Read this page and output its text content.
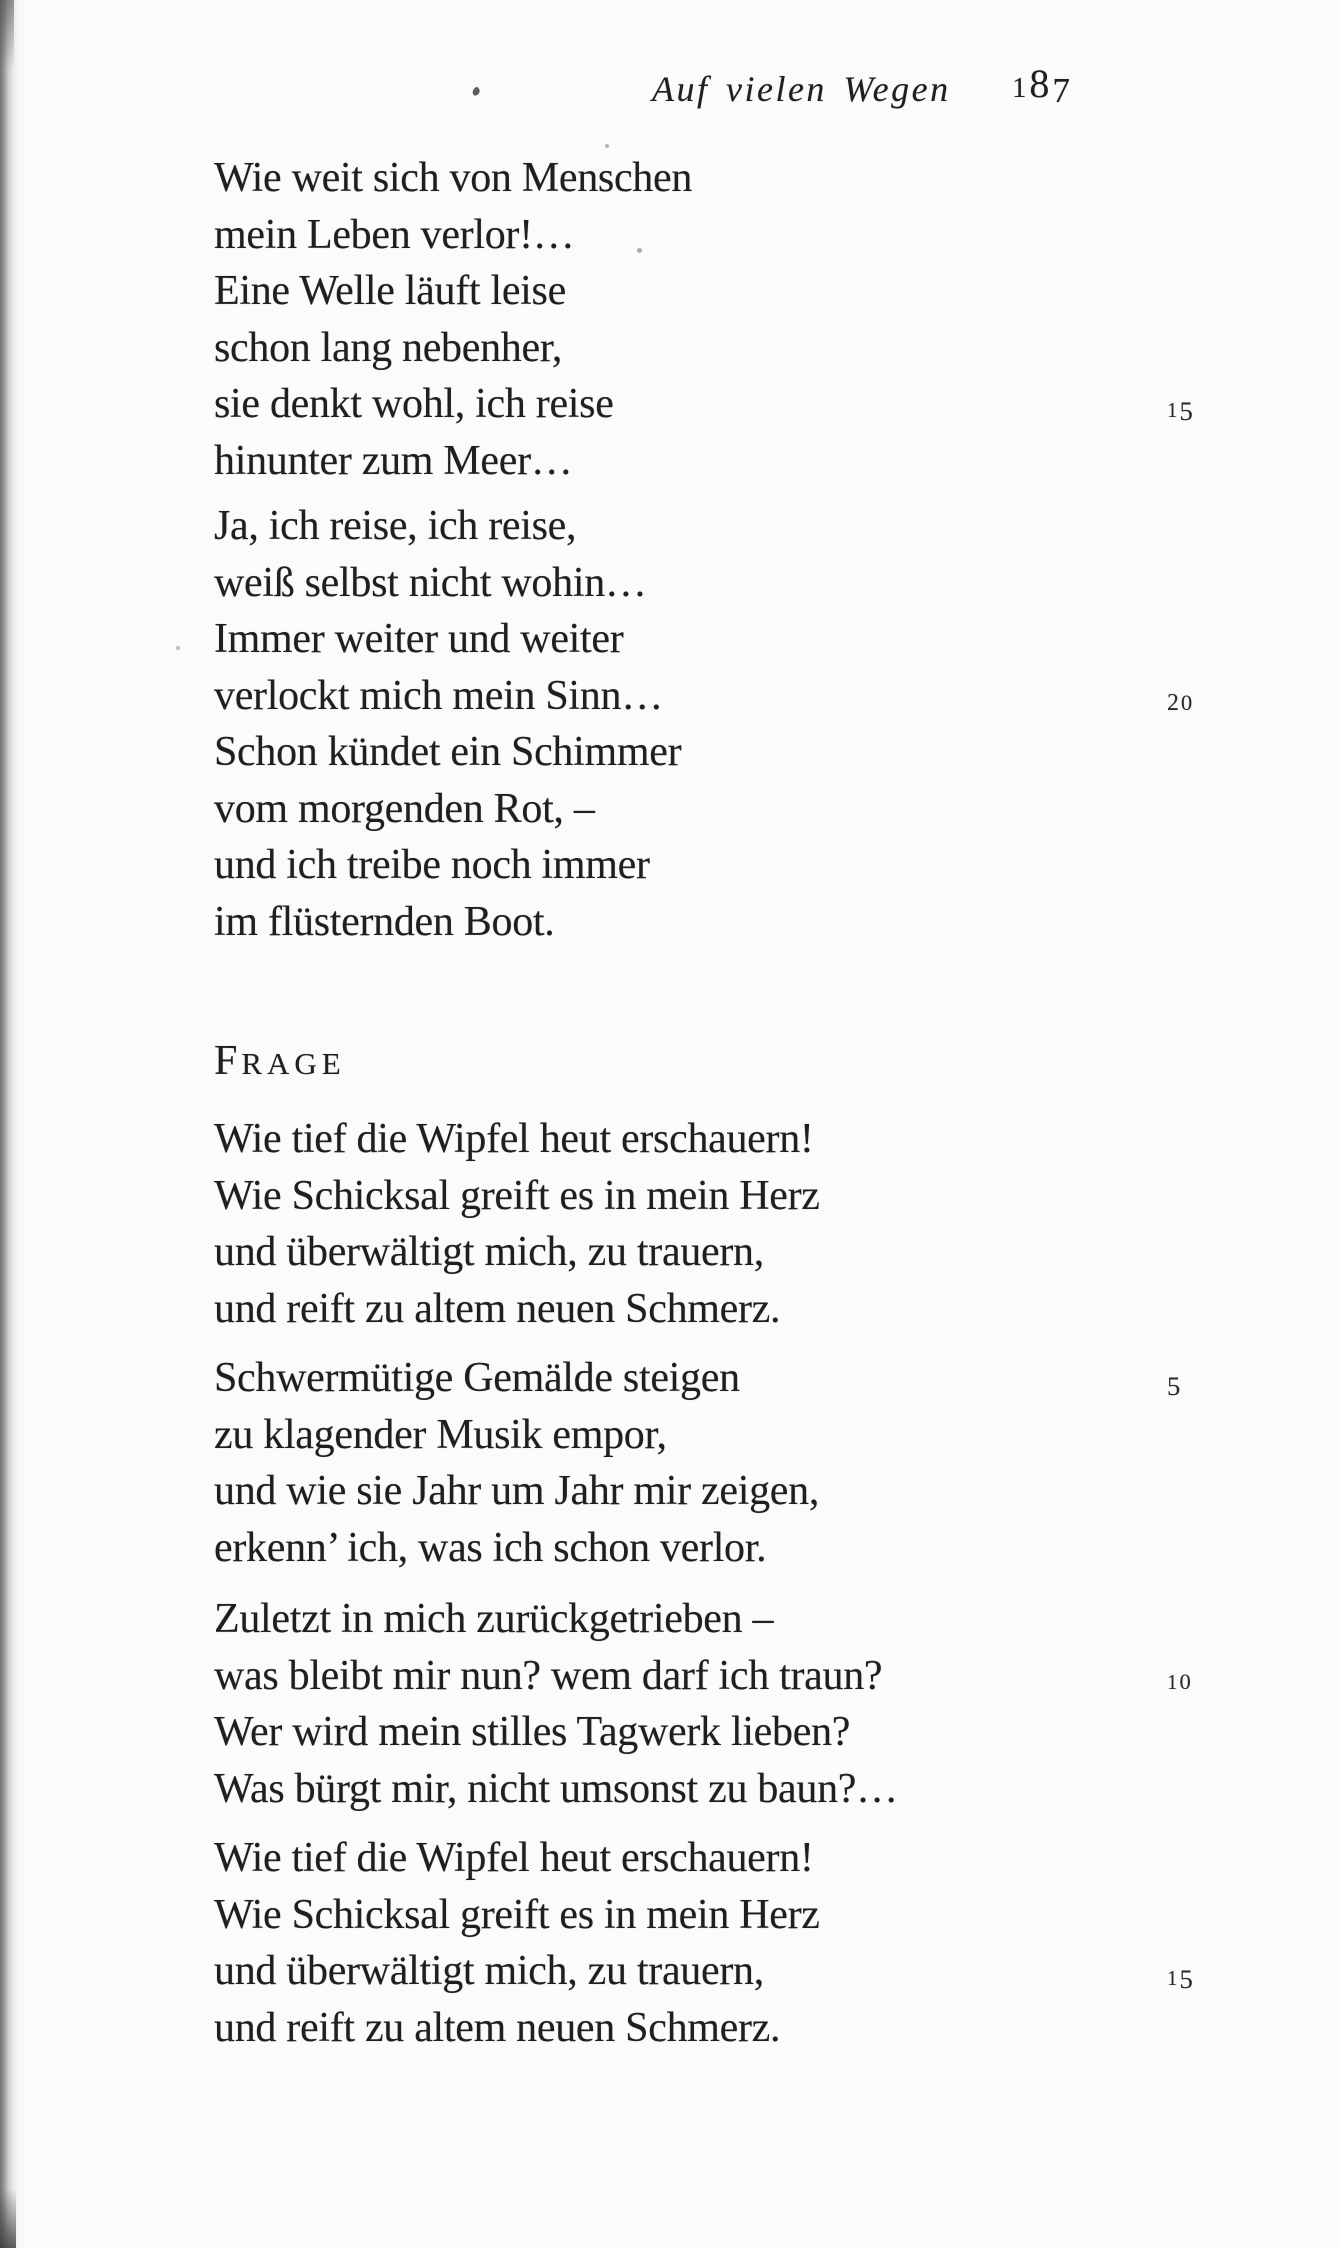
Auf vielen Wegen 187
Wie weit sich von Menschen
mein Leben verlor!…
Eine Welle läuft leise
schon lang nebenher,
sie denkt wohl, ich reise
hinunter zum Meer…
Ja, ich reise, ich reise,
weiß selbst nicht wohin…
Immer weiter und weiter
verlockt mich mein Sinn…
Schon kündet ein Schimmer
vom morgenden Rot, –
und ich treibe noch immer
im flüsternden Boot.
FRAGE
Wie tief die Wipfel heut erschauern!
Wie Schicksal greift es in mein Herz
und überwältigt mich, zu trauern,
und reift zu altem neuen Schmerz.
Schwermütige Gemälde steigen
zu klagender Musik empor,
und wie sie Jahr um Jahr mir zeigen,
erkenn’ ich, was ich schon verlor.
Zuletzt in mich zurückgetrieben –
was bleibt mir nun? wem darf ich traun?
Wer wird mein stilles Tagwerk lieben?
Was bürgt mir, nicht umsonst zu baun?…
Wie tief die Wipfel heut erschauern!
Wie Schicksal greift es in mein Herz
und überwältigt mich, zu trauern,
und reift zu altem neuen Schmerz.
15
20
5
10
15
